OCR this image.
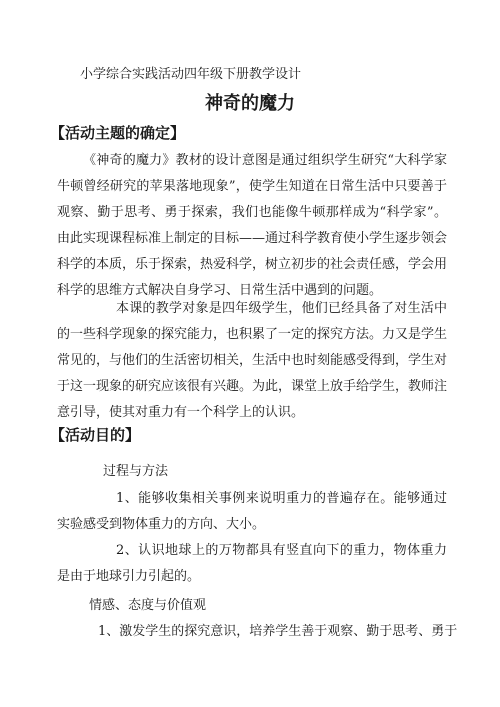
小学综合实践活动四年级下册教学设计
神奇的魔力
【活动主题的确定】

《神奇的魔力》教材的设计意图是通过组织学生研究“大科学家牛顿曾经研究的苹果落地现象”，使学生知道在日常生活中只要善于观察、勤于思考、勇于探索，我们也能像牛顿那样成为“科学家”。由此实现课程标准上制定的目标——通过科学教育使小学生逐步领会科学的本质，乐于探索，热爱科学，树立初步的社会责任感，学会用科学的思维方式解决自身学习、日常生活中遇到的问题。

本课的教学对象是四年级学生，他们已经具备了对生活中的一些科学现象的探究能力，也积累了一定的探究方法。力又是学生常见的，与他们的生活密切相关，生活中也时刻能感受得到，学生对于这一现象的研究应该很有兴趣。为此，课堂上放手给学生，教师注意引导，使其对重力有一个科学上的认识。

【活动目的】
过程与方法

1、能够收集相关事例来说明重力的普遍存在。能够通过实验感受到物体重力的方向、大小。

2、认识地球上的万物都具有竖直向下的重力，物体重力是由于地球引力引起的。

情感、态度与价值观
1、激发学生的探究意识，培养学生善于观察、勤于思考、勇于
